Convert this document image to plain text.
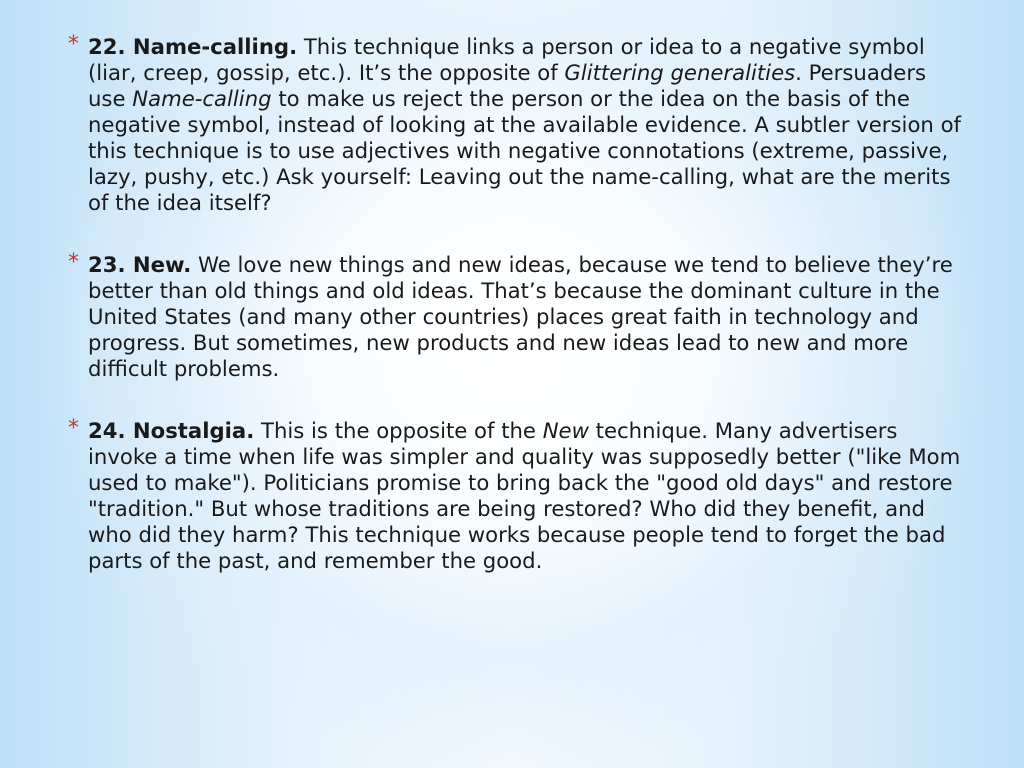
* 22. Name-calling. This technique links a person or idea to a negative symbol (liar, creep, gossip, etc.). It’s the opposite of Glittering generalities. Persuaders use Name-calling to make us reject the person or the idea on the basis of the negative symbol, instead of looking at the available evidence. A subtler version of this technique is to use adjectives with negative connotations (extreme, passive, lazy, pushy, etc.) Ask yourself: Leaving out the name-calling, what are the merits of the idea itself?
* 23. New. We love new things and new ideas, because we tend to believe they’re better than old things and old ideas. That’s because the dominant culture in the United States (and many other countries) places great faith in technology and progress. But sometimes, new products and new ideas lead to new and more difficult problems.
* 24. Nostalgia. This is the opposite of the New technique. Many advertisers invoke a time when life was simpler and quality was supposedly better ("like Mom used to make"). Politicians promise to bring back the "good old days" and restore "tradition." But whose traditions are being restored? Who did they benefit, and who did they harm? This technique works because people tend to forget the bad parts of the past, and remember the good.
